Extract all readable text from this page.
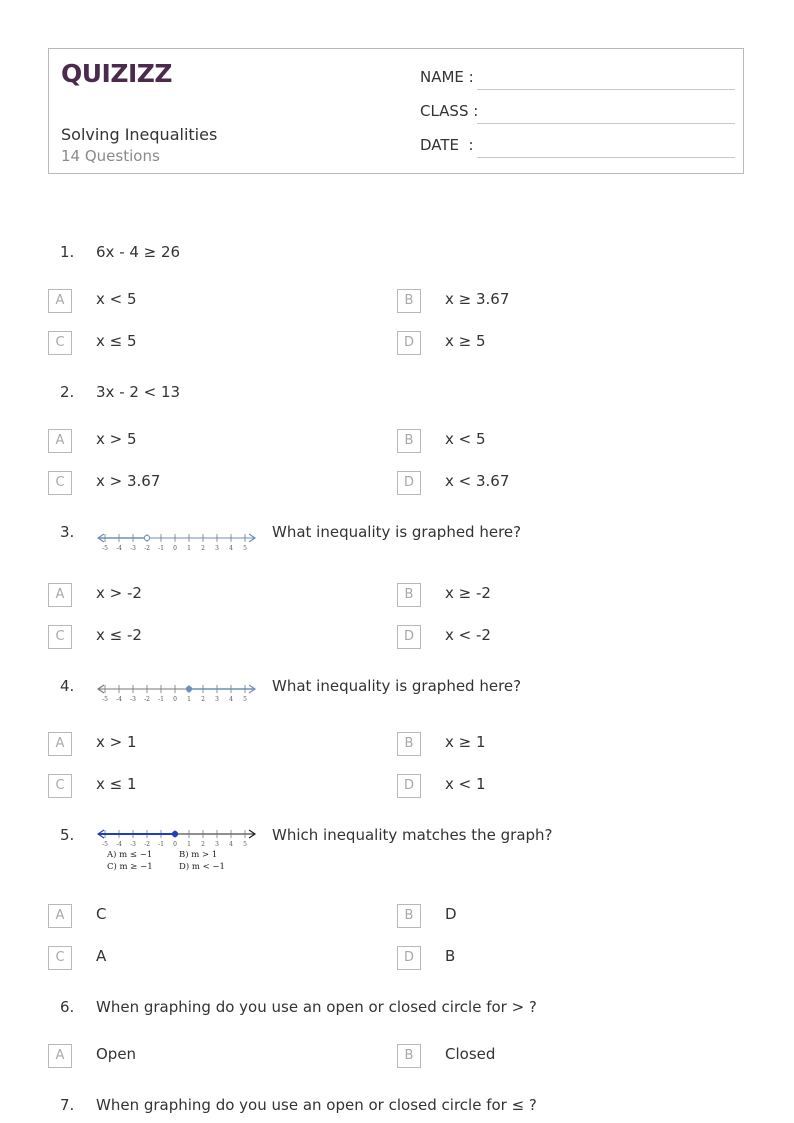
QUIZIZZ
Solving Inequalities
14 Questions
NAME :
CLASS :
DATE  :
1. 6x - 4 ≥ 26
A	x < 5	B	x ≥ 3.67
C	x ≤ 5	D	x ≥ 5
2. 3x - 2 < 13
A	x > 5	B	x < 5
C	x > 3.67	D	x < 3.67
3.	What inequality is graphed here?
-5 -4 -3 -2 -1 0 1 2 3 4 5
A	x > -2	B	x ≥ -2
C	x ≤ -2	D	x < -2
4.	What inequality is graphed here?
-5 -4 -3 -2 -1 0 1 2 3 4 5
A	x > 1	B	x ≥ 1
C	x ≤ 1	D	x < 1
5.	Which inequality matches the graph?
-5 -4 -3 -2 -1 0 1 2 3 4 5
A) m ≤ −1	B) m > 1
C) m ≥ −1	D) m < −1
A	C	B	D
C	A	D	B
6. When graphing do you use an open or closed circle for > ?
A	Open	B	Closed
7. When graphing do you use an open or closed circle for ≤ ?
